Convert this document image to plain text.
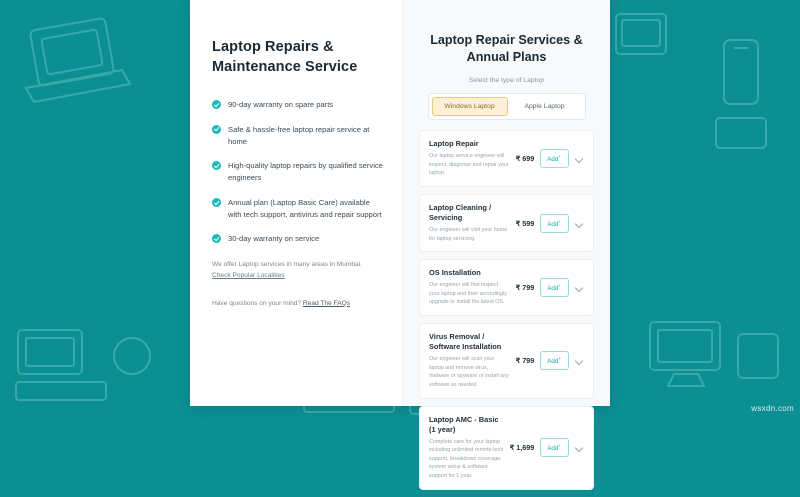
Laptop Repairs & Maintenance Service
90-day warranty on spare parts
Safe & hassle-free laptop repair service at home
High-quality laptop repairs by qualified service engineers
Annual plan (Laptop Basic Care) available with tech support, antivirus and repair support
30-day warranty on service
We offer Laptop services in many areas in Mumbai.
Check Popular Localities
Have questions on your mind? Read The FAQs
Laptop Repair Services & Annual Plans
Select the type of Laptop
Windows Laptop	Apple Laptop
Laptop Repair
Our laptop service engineer will inspect, diagnose and repair your laptop.
₹ 699	Add+
Laptop Cleaning / Servicing
Our engineer will visit your home for laptop servicing.
₹ 599	Add+
OS Installation
Our engineer will first inspect your laptop and then accordingly upgrade or install the latest OS.
₹ 799	Add+
Virus Removal / Software Installation
Our engineer will scan your laptop and remove virus, malware or spyware or install any software as needed.
₹ 799	Add+
Laptop AMC - Basic (1 year)
Complete care for your laptop including unlimited remote tech support, breakdown coverage, system setup & software support for 1 year.
₹ 1,699	Add+
wsxdn.com
